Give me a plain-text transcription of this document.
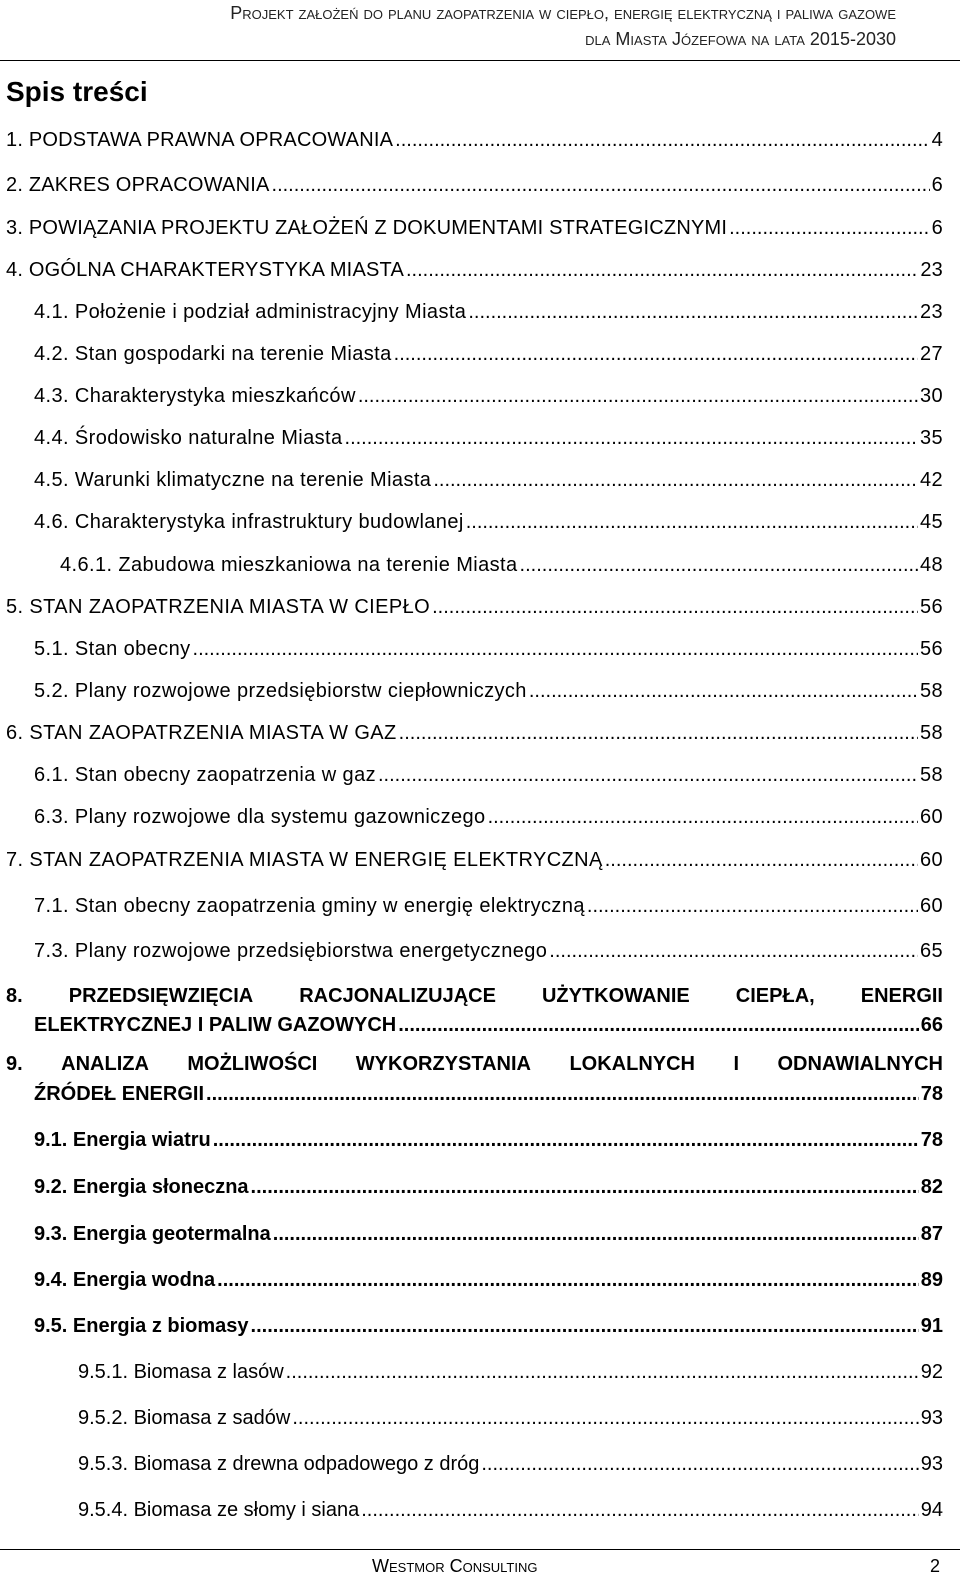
Projekt założeń do planu zaopatrzenia w ciepło, energię elektryczną i paliwa gazowe
dla Miasta Józefowa na lata 2015-2030
Spis treści
1. PODSTAWA PRAWNA OPRACOWANIA .....	4
2. ZAKRES OPRACOWANIA .....	6
3. POWIĄZANIA PROJEKTU ZAŁOŻEŃ Z DOKUMENTAMI STRATEGICZNYMI .....	6
4. OGÓLNA CHARAKTERYSTYKA MIASTA .....	23
4.1. Położenie i podział administracyjny Miasta .....	23
4.2. Stan gospodarki na terenie Miasta .....	27
4.3. Charakterystyka mieszkańców .....	30
4.4. Środowisko naturalne Miasta .....	35
4.5. Warunki klimatyczne na terenie Miasta .....	42
4.6. Charakterystyka infrastruktury budowlanej .....	45
4.6.1. Zabudowa mieszkaniowa na terenie Miasta .....	48
5. STAN ZAOPATRZENIA MIASTA W CIEPŁO .....	56
5.1. Stan obecny .....	56
5.2. Plany rozwojowe przedsiębiorstw ciepłowniczych .....	58
6. STAN ZAOPATRZENIA MIASTA W GAZ .....	58
6.1. Stan obecny zaopatrzenia w gaz .....	58
6.3. Plany rozwojowe dla systemu gazowniczego .....	60
7. STAN ZAOPATRZENIA MIASTA W ENERGIĘ ELEKTRYCZNĄ .....	60
7.1. Stan obecny zaopatrzenia gminy w energię elektryczną .....	60
7.3. Plany rozwojowe przedsiębiorstwa energetycznego .....	65
8. PRZEDSIĘWZIĘCIA RACJONALIZUJĄCE UŻYTKOWANIE CIEPŁA, ENERGII
ELEKTRYCZNEJ I PALIW GAZOWYCH .....	66
9. ANALIZA MOŻLIWOŚCI WYKORZYSTANIA LOKALNYCH I ODNAWIALNYCH
ŹRÓDEŁ ENERGII .....	78
9.1. Energia wiatru .....	78
9.2. Energia słoneczna .....	82
9.3. Energia geotermalna .....	87
9.4. Energia wodna .....	89
9.5. Energia z biomasy .....	91
9.5.1. Biomasa z lasów .....	92
9.5.2. Biomasa z sadów .....	93
9.5.3. Biomasa z drewna odpadowego z dróg .....	93
9.5.4. Biomasa ze słomy i siana .....	94
Westmor Consulting	2
